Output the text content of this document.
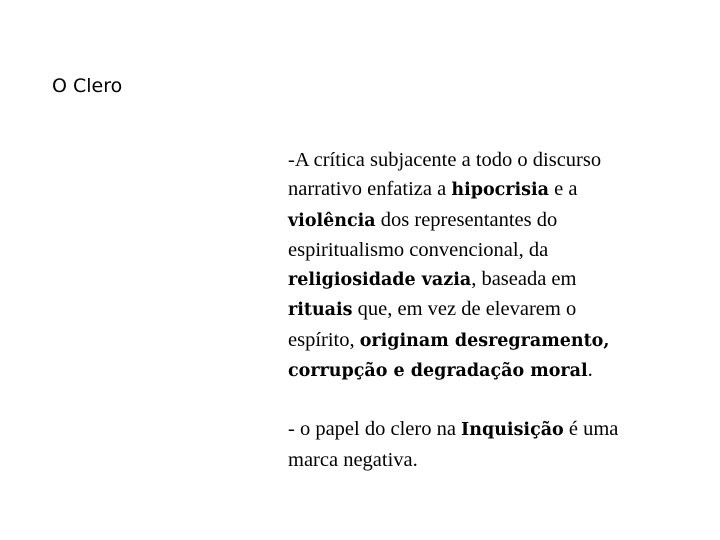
O Clero

-A crítica subjacente a todo o discurso
narrativo enfatiza a hipocrisia e a
violência dos representantes do
espiritualismo convencional, da
religiosidade vazia, baseada em
rituais que, em vez de elevarem o
espírito, originam desregramento,
corrupção e degradação moral.

- o papel do clero na Inquisição é uma
marca negativa.
